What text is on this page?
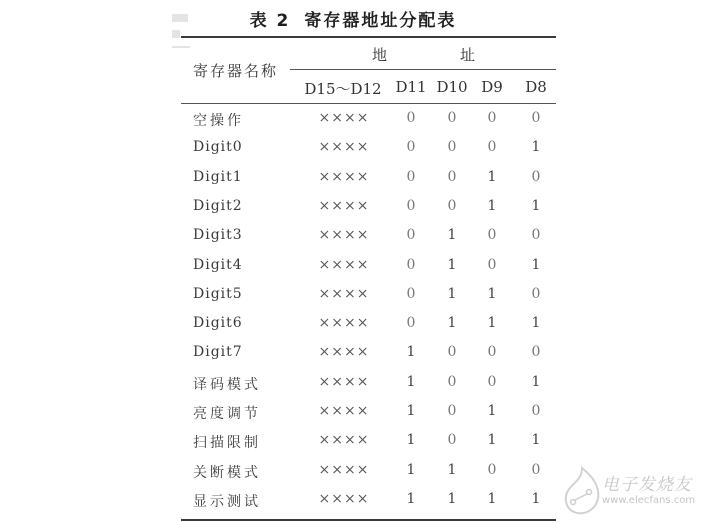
表 2 寄存器地址分配表
寄存器名称
地	址
D15～D12 D11 D10 D9	D8
空操作	××××	0	0	0	0
Digit0	××××	0	0	0	1
Digit1	××××	0	0	1	0
Digit2	××××	0	0	1	1
Digit3	××××	0	1	0	0
Digit4	××××	0	1	0	1
Digit5	××××	0	1	1	0
Digit6	××××	0	1	1	1
Digit7	××××	1	0	0	0
译码模式	××××	1	0	0	1
亮度调节	××××	1	0	1	0
扫描限制	××××	1	0	1	1
关断模式	××××	1	1	0	0
显示测试	××××	1	1	1	1
电子发烧友
www.elecfans.com
